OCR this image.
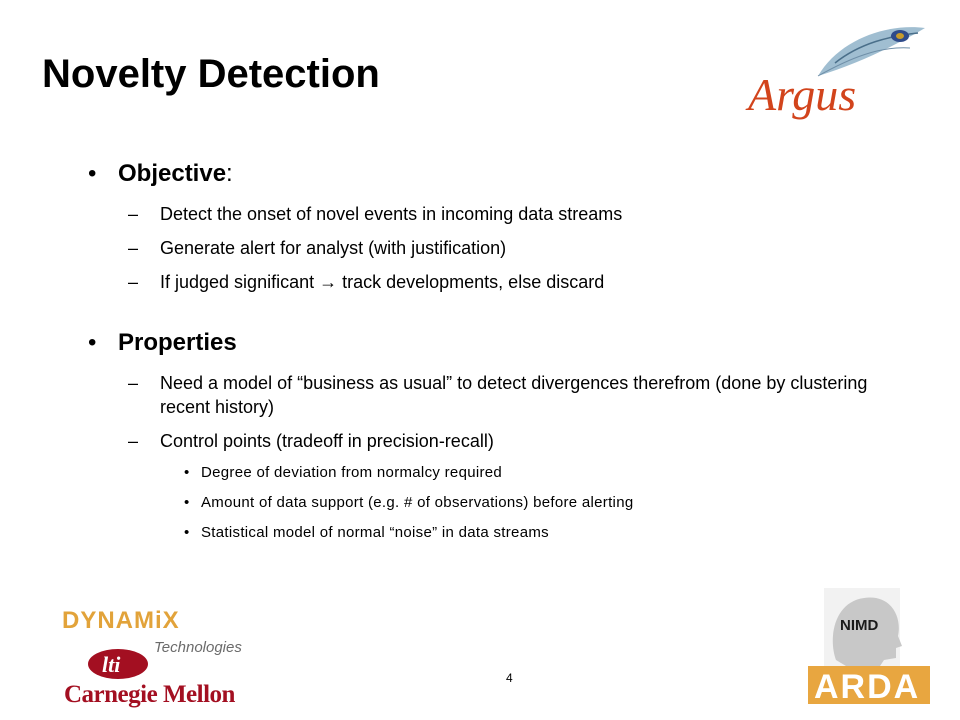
Novelty Detection	Argus
• Objective:
– Detect the onset of novel events in incoming data streams
– Generate alert for analyst (with justification)
– If judged significant → track developments, else discard
• Properties
– Need a model of “business as usual” to detect divergences therefrom (done by clustering recent history)
– Control points (tradeoff in precision-recall)
• Degree of deviation from normalcy required
• Amount of data support (e.g. # of observations) before alerting
• Statistical model of normal “noise” in data streams
DYNAMiX
Technologies
lti
Carnegie Mellon
4
NIMD
ARDA
